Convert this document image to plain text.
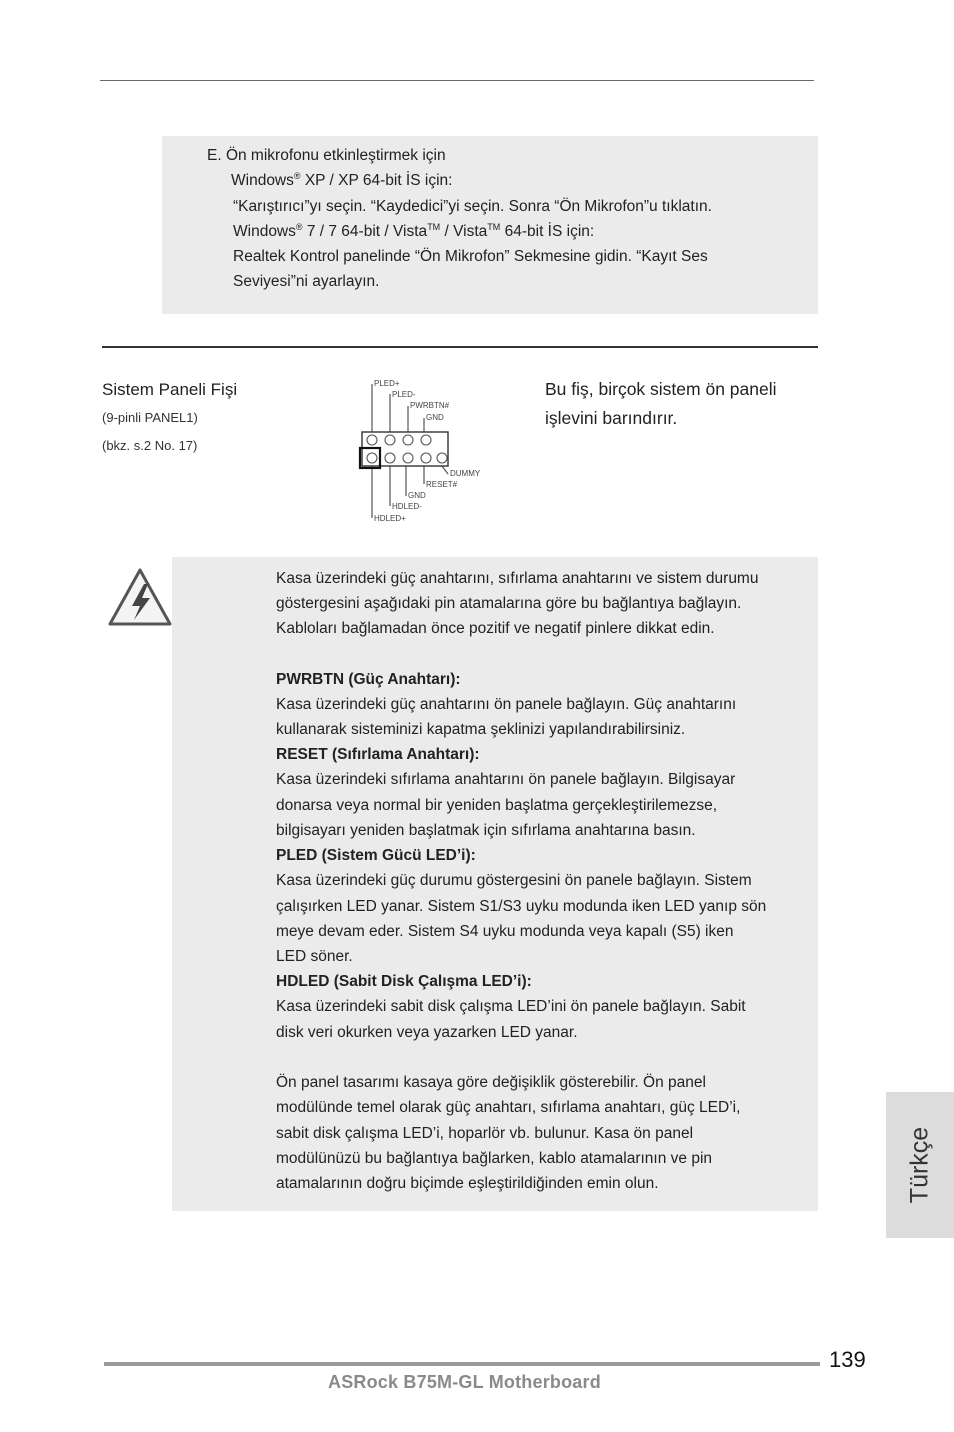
E. Ön mikrofonu etkinleştirmek için
Windows® XP / XP 64-bit İS için:
“Karıştırıcı”yı seçin. “Kaydedici”yi seçin. Sonra “Ön Mikrofon”u tıklatın.
Windows® 7 / 7 64-bit / Vista™ / Vista™ 64-bit İS için:
Realtek Kontrol panelinde “Ön Mikrofon” Sekmesine gidin. “Kayıt Ses
Seviyesi”ni ayarlayın.
Sistem Paneli Fişi
(9-pinli PANEL1)
(bkz. s.2 No. 17)
Bu fiş, birçok sistem ön paneli
işlevini barındırır.
PLED+
PLED-
PWRBTN#
GND
DUMMY
RESET#
GND
HDLED-
HDLED+
Kasa üzerindeki güç anahtarını, sıfırlama anahtarını ve sistem durumu
göstergesini aşağıdaki pin atamalarına göre bu bağlantıya bağlayın.
Kabloları bağlamadan önce pozitif ve negatif pinlere dikkat edin.
PWRBTN (Güç Anahtarı):
Kasa üzerindeki güç anahtarını ön panele bağlayın. Güç anahtarını
kullanarak sisteminizi kapatma şeklinizi yapılandırabilirsiniz.
RESET (Sıfırlama Anahtarı):
Kasa üzerindeki sıfırlama anahtarını ön panele bağlayın. Bilgisayar
donarsa veya normal bir yeniden başlatma gerçekleştirilemezse,
bilgisayarı yeniden başlatmak için sıfırlama anahtarına basın.
PLED (Sistem Gücü LED’i):
Kasa üzerindeki güç durumu göstergesini ön panele bağlayın. Sistem
çalışırken LED yanar. Sistem S1/S3 uyku modunda iken LED yanıp sön
meye devam eder. Sistem S4 uyku modunda veya kapalı (S5) iken
LED söner.
HDLED (Sabit Disk Çalışma LED’i):
Kasa üzerindeki sabit disk çalışma LED’ini ön panele bağlayın. Sabit
disk veri okurken veya yazarken LED yanar.
Ön panel tasarımı kasaya göre değişiklik gösterebilir. Ön panel
modülünde temel olarak güç anahtarı, sıfırlama anahtarı, güç LED’i,
sabit disk çalışma LED’i, hoparlör vb. bulunur. Kasa ön panel
modülünüzü bu bağlantıya bağlarken, kablo atamalarının ve pin
atamalarının doğru biçimde eşleştirildiğinden emin olun.	Türkçe
139
ASRock B75M-GL Motherboard
